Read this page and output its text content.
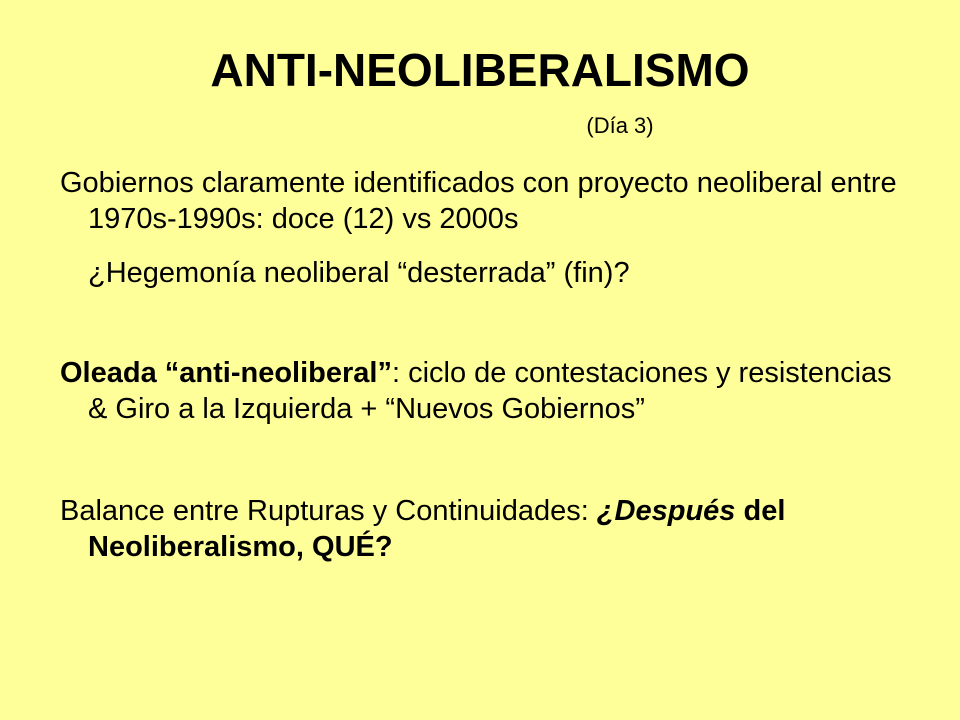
ANTI-NEOLIBERALISMO
(Día 3)

Gobiernos claramente identificados con proyecto neoliberal entre 1970s-1990s: doce (12) vs 2000s

¿Hegemonía neoliberal “desterrada” (fin)?

Oleada “anti-neoliberal”: ciclo de contestaciones y resistencias & Giro a la Izquierda + “Nuevos Gobiernos”

Balance entre Rupturas y Continuidades: ¿Después del Neoliberalismo, QUÉ?
